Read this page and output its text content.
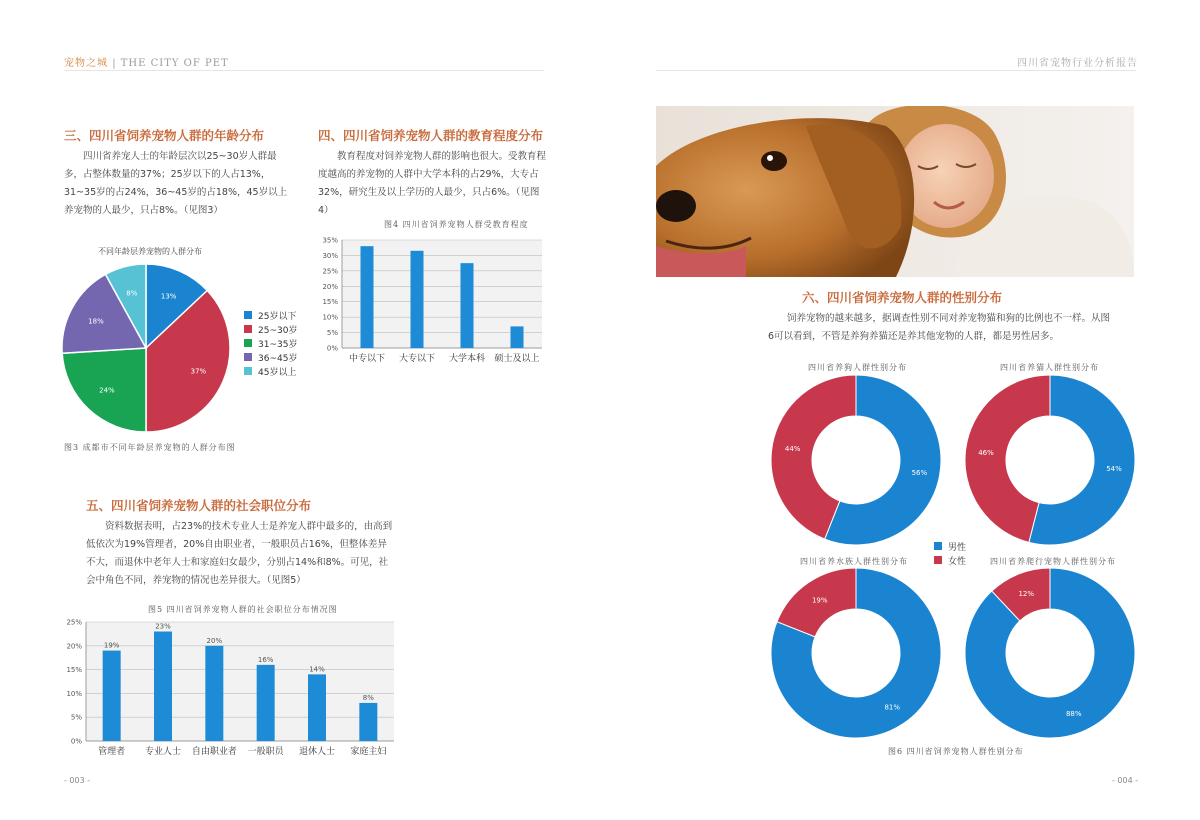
宠物之城 | THE CITY OF PET	四川省宠物行业分析报告
三、四川省饲养宠物人群的年龄分布

四川省养宠人士的年龄层次以25~30岁人群最多，占整体数量的37%；25岁以下的人占13%，31~35岁的占24%，36~45岁的占18%，45岁以上养宠物的人最少，只占8%。（见图3）

不同年龄层养宠物的人群分布
13%
37%
24%
18%
8%
25岁以下
25~30岁
31~35岁
36~45岁
45岁以上
图3 成都市不同年龄层养宠物的人群分布图
四、四川省饲养宠物人群的教育程度分布

教育程度对饲养宠物人群的影响也很大。受教育程度越高的养宠物的人群中大学本科的占29%，大专占32%，研究生及以上学历的人最少，只占6%。（见图4）

图4 四川省饲养宠物人群受教育程度
0%
5%
10%
15%
20%
25%
30%
35%
中专以下 大专以下 大学本科 硕士及以上
五、四川省饲养宠物人群的社会职位分布

资料数据表明，占23%的技术专业人士是养宠人群中最多的，由高到低依次为19%管理者，20%自由职业者，一般职员占16%，但整体差异不大，而退休中老年人士和家庭妇女最少，分别占14%和8%。可见，社会中角色不同，养宠物的情况也差异很大。（见图5）

图5 四川省饲养宠物人群的社会职位分布情况图
0%
5%
10%
15%
20%
25%
19%
管理者
23%
专业人士
20%
自由职业者
16%
一般职员
14%
退休人士
8%
家庭主妇
六、四川省饲养宠物人群的性别分布

饲养宠物的越来越多，据调查性别不同对养宠物猫和狗的比例也不一样。从图6可以看到，不管是养狗养猫还是养其他宠物的人群，都是男性居多。

四川省养狗人群性别分布	四川省养猫人群性别分布
56%
44%
54%
46%
男性
女性
四川省养水族人群性别分布	四川省养爬行宠物人群性别分布
81%
19%
88%
12%
图6 四川省饲养宠物人群性别分布
- 003 -	- 004 -
